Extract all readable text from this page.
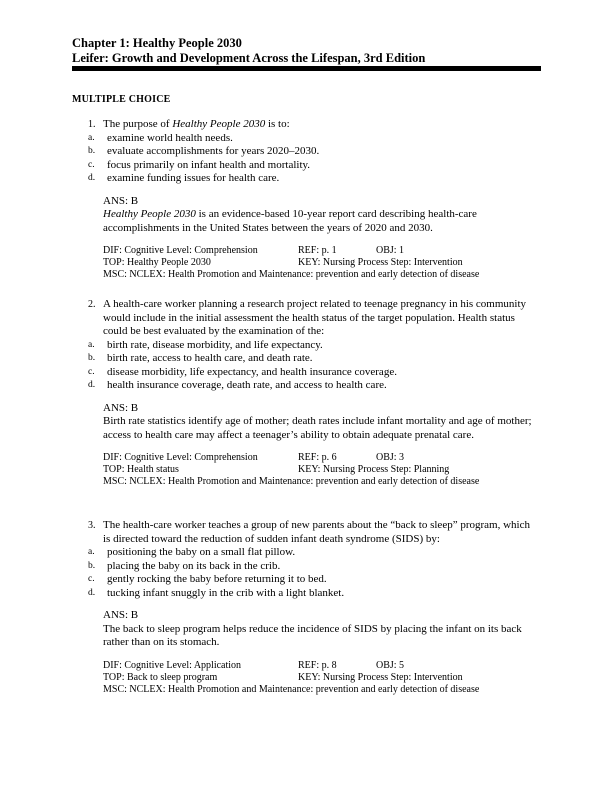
Chapter 1: Healthy People 2030
Leifer: Growth and Development Across the Lifespan, 3rd Edition
MULTIPLE CHOICE
1. The purpose of Healthy People 2030 is to:
a.	examine world health needs.
b.	evaluate accomplishments for years 2020–2030.
c.	focus primarily on infant health and mortality.
d.	examine funding issues for health care.
ANS: B
Healthy People 2030 is an evidence-based 10-year report card describing health-care accomplishments in the United States between the years of 2020 and 2030.
DIF: Cognitive Level: Comprehension	REF: p. 1	OBJ: 1
TOP: Healthy People 2030	KEY: Nursing Process Step: Intervention
MSC: NCLEX: Health Promotion and Maintenance: prevention and early detection of disease
2. A health-care worker planning a research project related to teenage pregnancy in his community would include in the initial assessment the health status of the target population. Health status could be best evaluated by the examination of the:
a.	birth rate, disease morbidity, and life expectancy.
b.	birth rate, access to health care, and death rate.
c.	disease morbidity, life expectancy, and health insurance coverage.
d.	health insurance coverage, death rate, and access to health care.
ANS: B
Birth rate statistics identify age of mother; death rates include infant mortality and age of mother; access to health care may affect a teenager’s ability to obtain adequate prenatal care.
DIF: Cognitive Level: Comprehension	REF: p. 6	OBJ: 3
TOP: Health status	KEY: Nursing Process Step: Planning
MSC: NCLEX: Health Promotion and Maintenance: prevention and early detection of disease
3. The health-care worker teaches a group of new parents about the “back to sleep” program, which is directed toward the reduction of sudden infant death syndrome (SIDS) by:
a.	positioning the baby on a small flat pillow.
b.	placing the baby on its back in the crib.
c.	gently rocking the baby before returning it to bed.
d.	tucking infant snuggly in the crib with a light blanket.
ANS: B
The back to sleep program helps reduce the incidence of SIDS by placing the infant on its back rather than on its stomach.
DIF: Cognitive Level: Application	REF: p. 8	OBJ: 5
TOP: Back to sleep program	KEY: Nursing Process Step: Intervention
MSC: NCLEX: Health Promotion and Maintenance: prevention and early detection of disease
